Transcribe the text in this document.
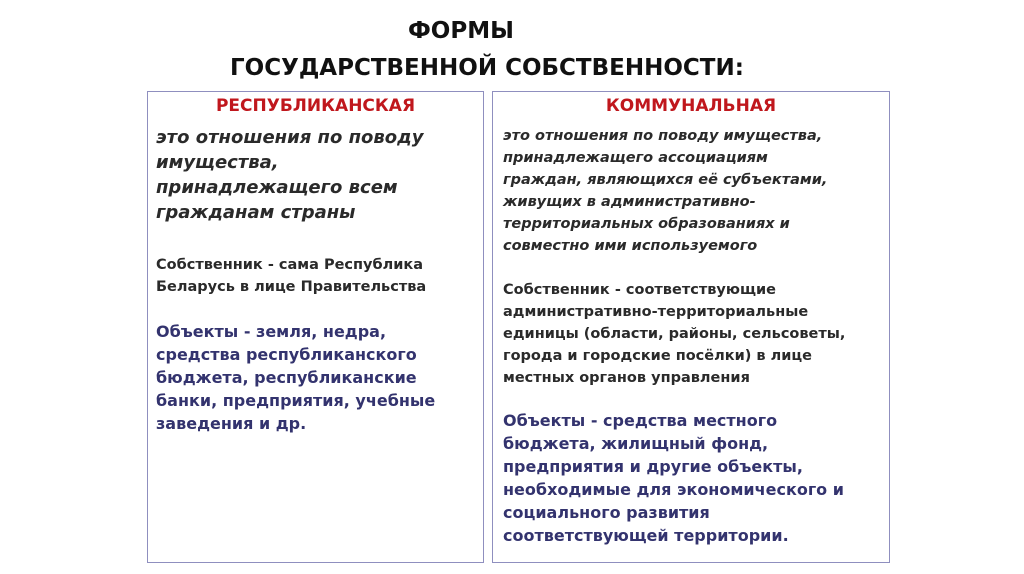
ФОРМЫ
ГОСУДАРСТВЕННОЙ СОБСТВЕННОСТИ:
РЕСПУБЛИКАНСКАЯ
это отношения по поводу
имущества,
принадлежащего всем
гражданам страны
Собственник - сама Республика
Беларусь в лице Правительства
Объекты - земля, недра,
средства республиканского
бюджета, республиканские
банки, предприятия, учебные
заведения и др.
КОММУНАЛЬНАЯ
это отношения по поводу имущества,
принадлежащего ассоциациям
граждан, являющихся её субъектами,
живущих в административно-
территориальных образованиях и
совместно ими используемого
Собственник - соответствующие
административно-территориальные
единицы (области, районы, сельсоветы,
города и городские посёлки) в лице
местных органов управления
Объекты - средства местного
бюджета, жилищный фонд,
предприятия и другие объекты,
необходимые для экономического и
социального развития
соответствующей территории.
